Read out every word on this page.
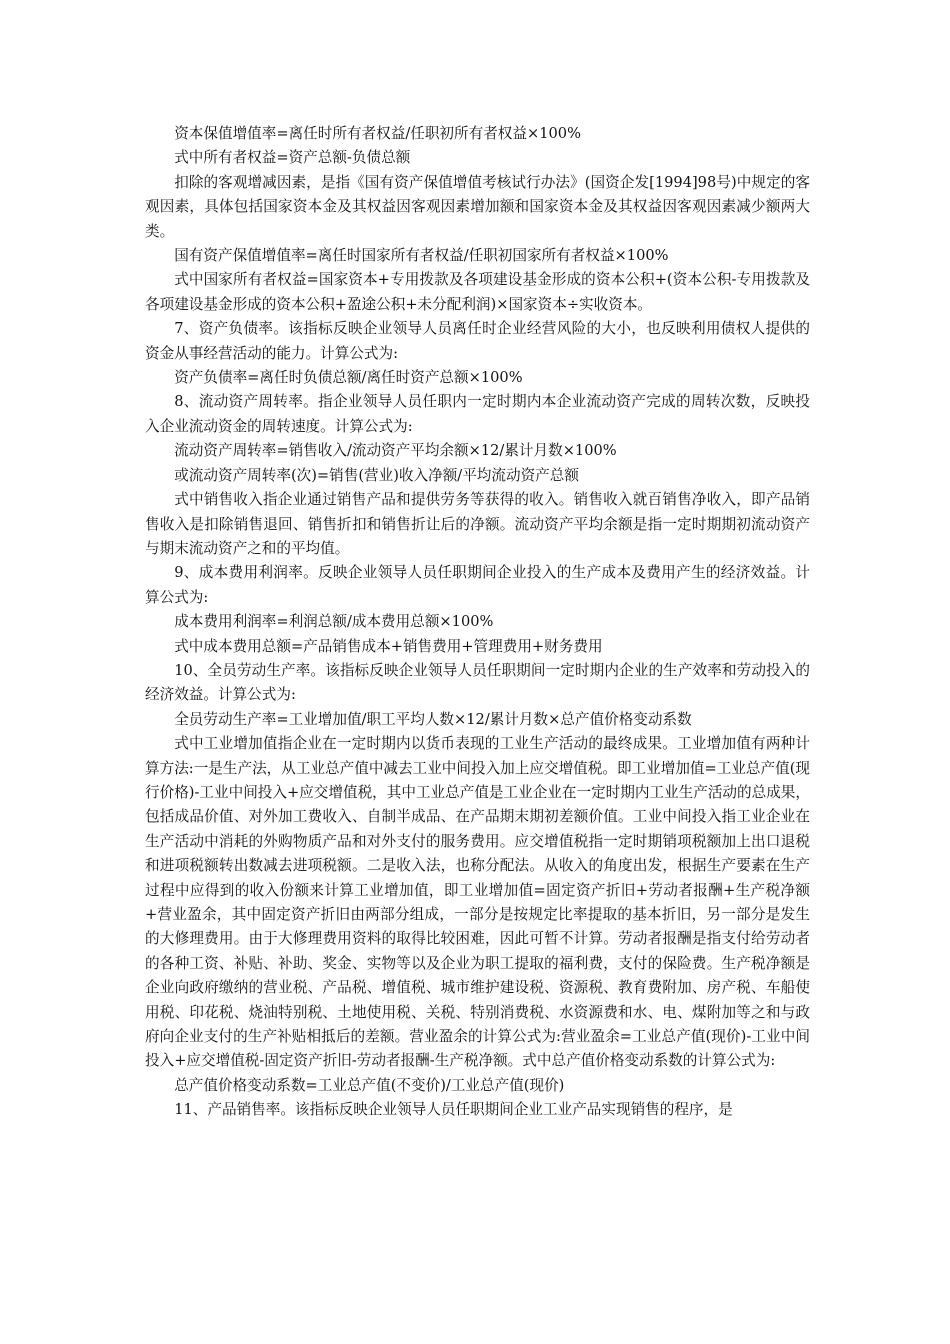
资本保值增值率=离任时所有者权益/任职初所有者权益×100%

式中所有者权益=资产总额-负债总额

扣除的客观增减因素，是指《国有资产保值增值考核试行办法》(国资企发[1994]98号)中规定的客观因素，具体包括国家资本金及其权益因客观因素增加额和国家资本金及其权益因客观因素减少额两大类。

国有资产保值增值率=离任时国家所有者权益/任职初国家所有者权益×100%

式中国家所有者权益=国家资本+专用拨款及各项建设基金形成的资本公积+(资本公积-专用拨款及各项建设基金形成的资本公积+盈途公积+未分配利润)×国家资本÷实收资本。

7、资产负债率。该指标反映企业领导人员离任时企业经营风险的大小，也反映利用债权人提供的资金从事经营活动的能力。计算公式为:

资产负债率=离任时负债总额/离任时资产总额×100%

8、流动资产周转率。指企业领导人员任职内一定时期内本企业流动资产完成的周转次数，反映投入企业流动资金的周转速度。计算公式为:

流动资产周转率=销售收入/流动资产平均余额×12/累计月数×100%

或流动资产周转率(次)=销售(营业)收入净额/平均流动资产总额

式中销售收入指企业通过销售产品和提供劳务等获得的收入。销售收入就百销售净收入，即产品销售收入是扣除销售退回、销售折扣和销售折让后的净额。流动资产平均余额是指一定时期期初流动资产与期末流动资产之和的平均值。

9、成本费用利润率。反映企业领导人员任职期间企业投入的生产成本及费用产生的经济效益。计算公式为:

成本费用利润率=利润总额/成本费用总额×100%

式中成本费用总额=产品销售成本+销售费用+管理费用+财务费用

10、全员劳动生产率。该指标反映企业领导人员任职期间一定时期内企业的生产效率和劳动投入的经济效益。计算公式为:

全员劳动生产率=工业增加值/职工平均人数×12/累计月数×总产值价格变动系数

式中工业增加值指企业在一定时期内以货币表现的工业生产活动的最终成果。工业增加值有两种计算方法:一是生产法，从工业总产值中减去工业中间投入加上应交增值税。即工业增加值=工业总产值(现行价格)-工业中间投入+应交增值税，其中工业总产值是工业企业在一定时期内工业生产活动的总成果，包括成品价值、对外加工费收入、自制半成品、在产品期末期初差额价值。工业中间投入指工业企业在生产活动中消耗的外购物质产品和对外支付的服务费用。应交增值税指一定时期销项税额加上出口退税和进项税额转出数减去进项税额。二是收入法，也称分配法。从收入的角度出发，根据生产要素在生产过程中应得到的收入份额来计算工业增加值，即工业增加值=固定资产折旧+劳动者报酬+生产税净额+营业盈余，其中固定资产折旧由两部分组成，一部分是按规定比率提取的基本折旧，另一部分是发生的大修理费用。由于大修理费用资料的取得比较困难，因此可暂不计算。劳动者报酬是指支付给劳动者的各种工资、补贴、补助、奖金、实物等以及企业为职工提取的福利费，支付的保险费。生产税净额是企业向政府缴纳的营业税、产品税、增值税、城市维护建设税、资源税、教育费附加、房产税、车船使用税、印花税、烧油特别税、土地使用税、关税、特别消费税、水资源费和水、电、煤附加等之和与政府向企业支付的生产补贴相抵后的差额。营业盈余的计算公式为:营业盈余=工业总产值(现价)-工业中间投入+应交增值税-固定资产折旧-劳动者报酬-生产税净额。式中总产值价格变动系数的计算公式为:

总产值价格变动系数=工业总产值(不变价)/工业总产值(现价)

11、产品销售率。该指标反映企业领导人员任职期间企业工业产品实现销售的程序，是
